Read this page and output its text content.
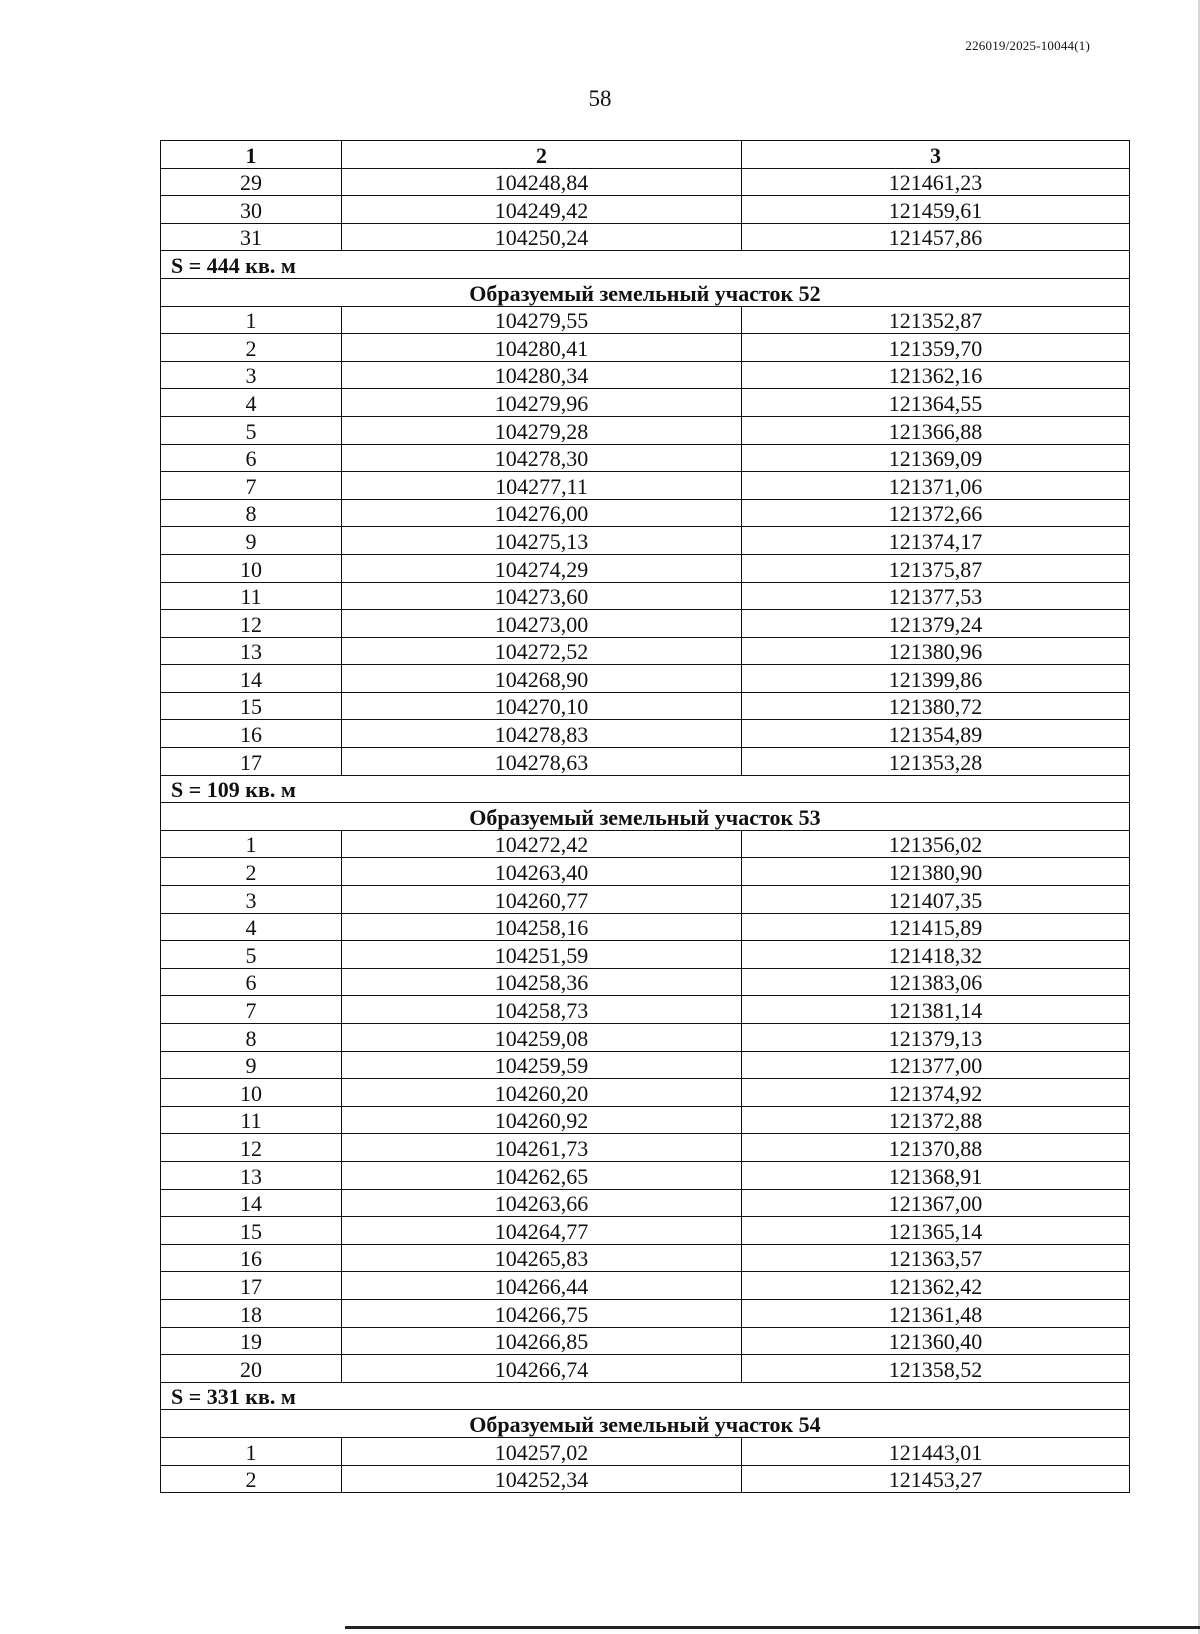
226019/2025-10044(1)
58
1	2	3
29	104248,84	121461,23
30	104249,42	121459,61
31	104250,24	121457,86
S = 444 кв. м		
Образуемый земельный участок 52		
1	104279,55	121352,87
2	104280,41	121359,70
3	104280,34	121362,16
4	104279,96	121364,55
5	104279,28	121366,88
6	104278,30	121369,09
7	104277,11	121371,06
8	104276,00	121372,66
9	104275,13	121374,17
10	104274,29	121375,87
11	104273,60	121377,53
12	104273,00	121379,24
13	104272,52	121380,96
14	104268,90	121399,86
15	104270,10	121380,72
16	104278,83	121354,89
17	104278,63	121353,28
S = 109 кв. м		
Образуемый земельный участок 53		
1	104272,42	121356,02
2	104263,40	121380,90
3	104260,77	121407,35
4	104258,16	121415,89
5	104251,59	121418,32
6	104258,36	121383,06
7	104258,73	121381,14
8	104259,08	121379,13
9	104259,59	121377,00
10	104260,20	121374,92
11	104260,92	121372,88
12	104261,73	121370,88
13	104262,65	121368,91
14	104263,66	121367,00
15	104264,77	121365,14
16	104265,83	121363,57
17	104266,44	121362,42
18	104266,75	121361,48
19	104266,85	121360,40
20	104266,74	121358,52
S = 331 кв. м		
Образуемый земельный участок 54		
1	104257,02	121443,01
2	104252,34	121453,27
